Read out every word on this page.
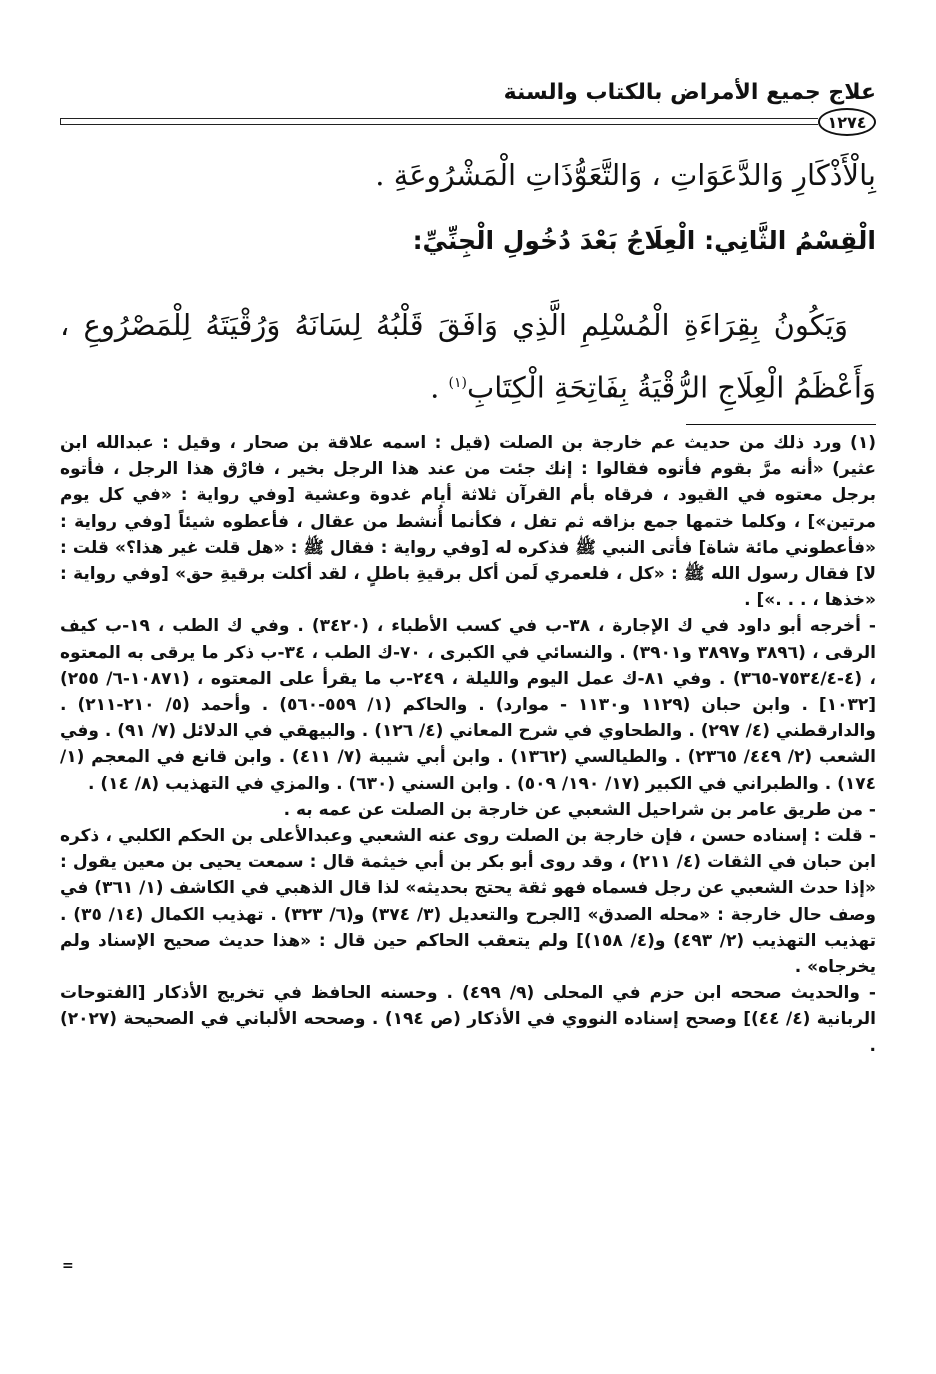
علاج جميع الأمراض بالكتاب والسنة
١٢٧٤
بِالْأَذْكَارِ وَالدَّعَوَاتِ ، وَالتَّعَوُّذَاتِ الْمَشْرُوعَةِ .
الْقِسْمُ الثَّانِي: الْعِلَاجُ بَعْدَ دُخُولِ الْجِنِّيِّ:
وَيَكُونُ بِقِرَاءَةِ الْمُسْلِمِ الَّذِي وَافَقَ قَلْبُهُ لِسَانَهُ وَرُقْيَتَهُ لِلْمَصْرُوعِ ، وَأَعْظَمُ الْعِلَاجِ الرُّقْيَةُ بِفَاتِحَةِ الْكِتَابِ$^{(١)}$ .

(١) ورد ذلك من حديث عم خارجة بن الصلت (قيل : اسمه علاقة بن صحار ، وقيل : عبدالله ابن عثير) «أنه مرَّ بقوم فأتوه فقالوا : إنك جئت من عند هذا الرجل بخير ، فارْق هذا الرجل ، فأتوه برجل معتوه في القيود ، فرقاه بأم القرآن ثلاثة أيام غدوة وعشية [وفي رواية : «في كل يوم مرتين»] ، وكلما ختمها جمع بزاقه ثم تفل ، فكأنما أُنشط من عقال ، فأعطوه شيئاً [وفي رواية : «فأعطوني مائة شاة] فأتى النبي ﷺ فذكره له [وفي رواية : فقال ﷺ : «هل قلت غير هذا؟» قلت : لا] فقال رسول الله ﷺ : «كل ، فلعمري لَمن أكل برقيةِ باطلٍ ، لقد أكلت برقيةِ حق» [وفي رواية : «خذها ، . . .»] .

- أخرجه أبو داود في ك الإجارة ، ٣٨-ب في كسب الأطباء ، (٣٤٢٠) . وفي ك الطب ، ١٩-ب كيف الرقى ، (٣٨٩٦ و٣٨٩٧ و٣٩٠١) . والنسائي في الكبرى ، ٧٠-ك الطب ، ٣٤-ب ذكر ما يرقى به المعتوه ، (٤-٧٥٣٤/٤-٣٦٥) . وفي ٨١-ك عمل اليوم والليلة ، ٢٤٩-ب ما يقرأ على المعتوه ، (١٠٨٧١-٦/ ٢٥٥) [١٠٣٢] . وابن حبان (١١٢٩ و١١٣٠ - موارد) . والحاكم (١/ ٥٥٩-٥٦٠) . وأحمد (٥/ ٢١٠-٢١١) . والدارقطني (٤/ ٢٩٧) . والطحاوي في شرح المعاني (٤/ ١٢٦) . والبيهقي في الدلائل (٧/ ٩١) . وفي الشعب (٢/ ٤٤٩/ ٢٣٦٥) . والطيالسي (١٣٦٢) . وابن أبي شيبة (٧/ ٤١١) . وابن قانع في المعجم (١/ ١٧٤) . والطبراني في الكبير (١٧/ ١٩٠/ ٥٠٩) . وابن السني (٦٣٠) . والمزي في التهذيب (٨/ ١٤) .

- من طريق عامر بن شراحيل الشعبي عن خارجة بن الصلت عن عمه به .

- قلت : إسناده حسن ، فإن خارجة بن الصلت روى عنه الشعبي وعبدالأعلى بن الحكم الكلبي ، ذكره ابن حبان في الثقات (٤/ ٢١١) ، وقد روى أبو بكر بن أبي خيثمة قال : سمعت يحيى بن معين يقول : «إذا حدث الشعبي عن رجل فسماه فهو ثقة يحتج بحديثه» لذا قال الذهبي في الكاشف (١/ ٣٦١) في وصف حال خارجة : «محله الصدق» [الجرح والتعديل (٣/ ٣٧٤) و(٦/ ٣٢٣) . تهذيب الكمال (١٤/ ٣٥) . تهذيب التهذيب (٢/ ٤٩٣) و(٤/ ١٥٨)] ولم يتعقب الحاكم حين قال : «هذا حديث صحيح الإسناد ولم يخرجاه» .

- والحديث صححه ابن حزم في المحلى (٩/ ٤٩٩) . وحسنه الحافظ في تخريج الأذكار [الفتوحات الربانية (٤/ ٤٤)] وصحح إسناده النووي في الأذكار (ص ١٩٤) . وصححه الألباني في الصحيحة (٢٠٢٧) .

=
